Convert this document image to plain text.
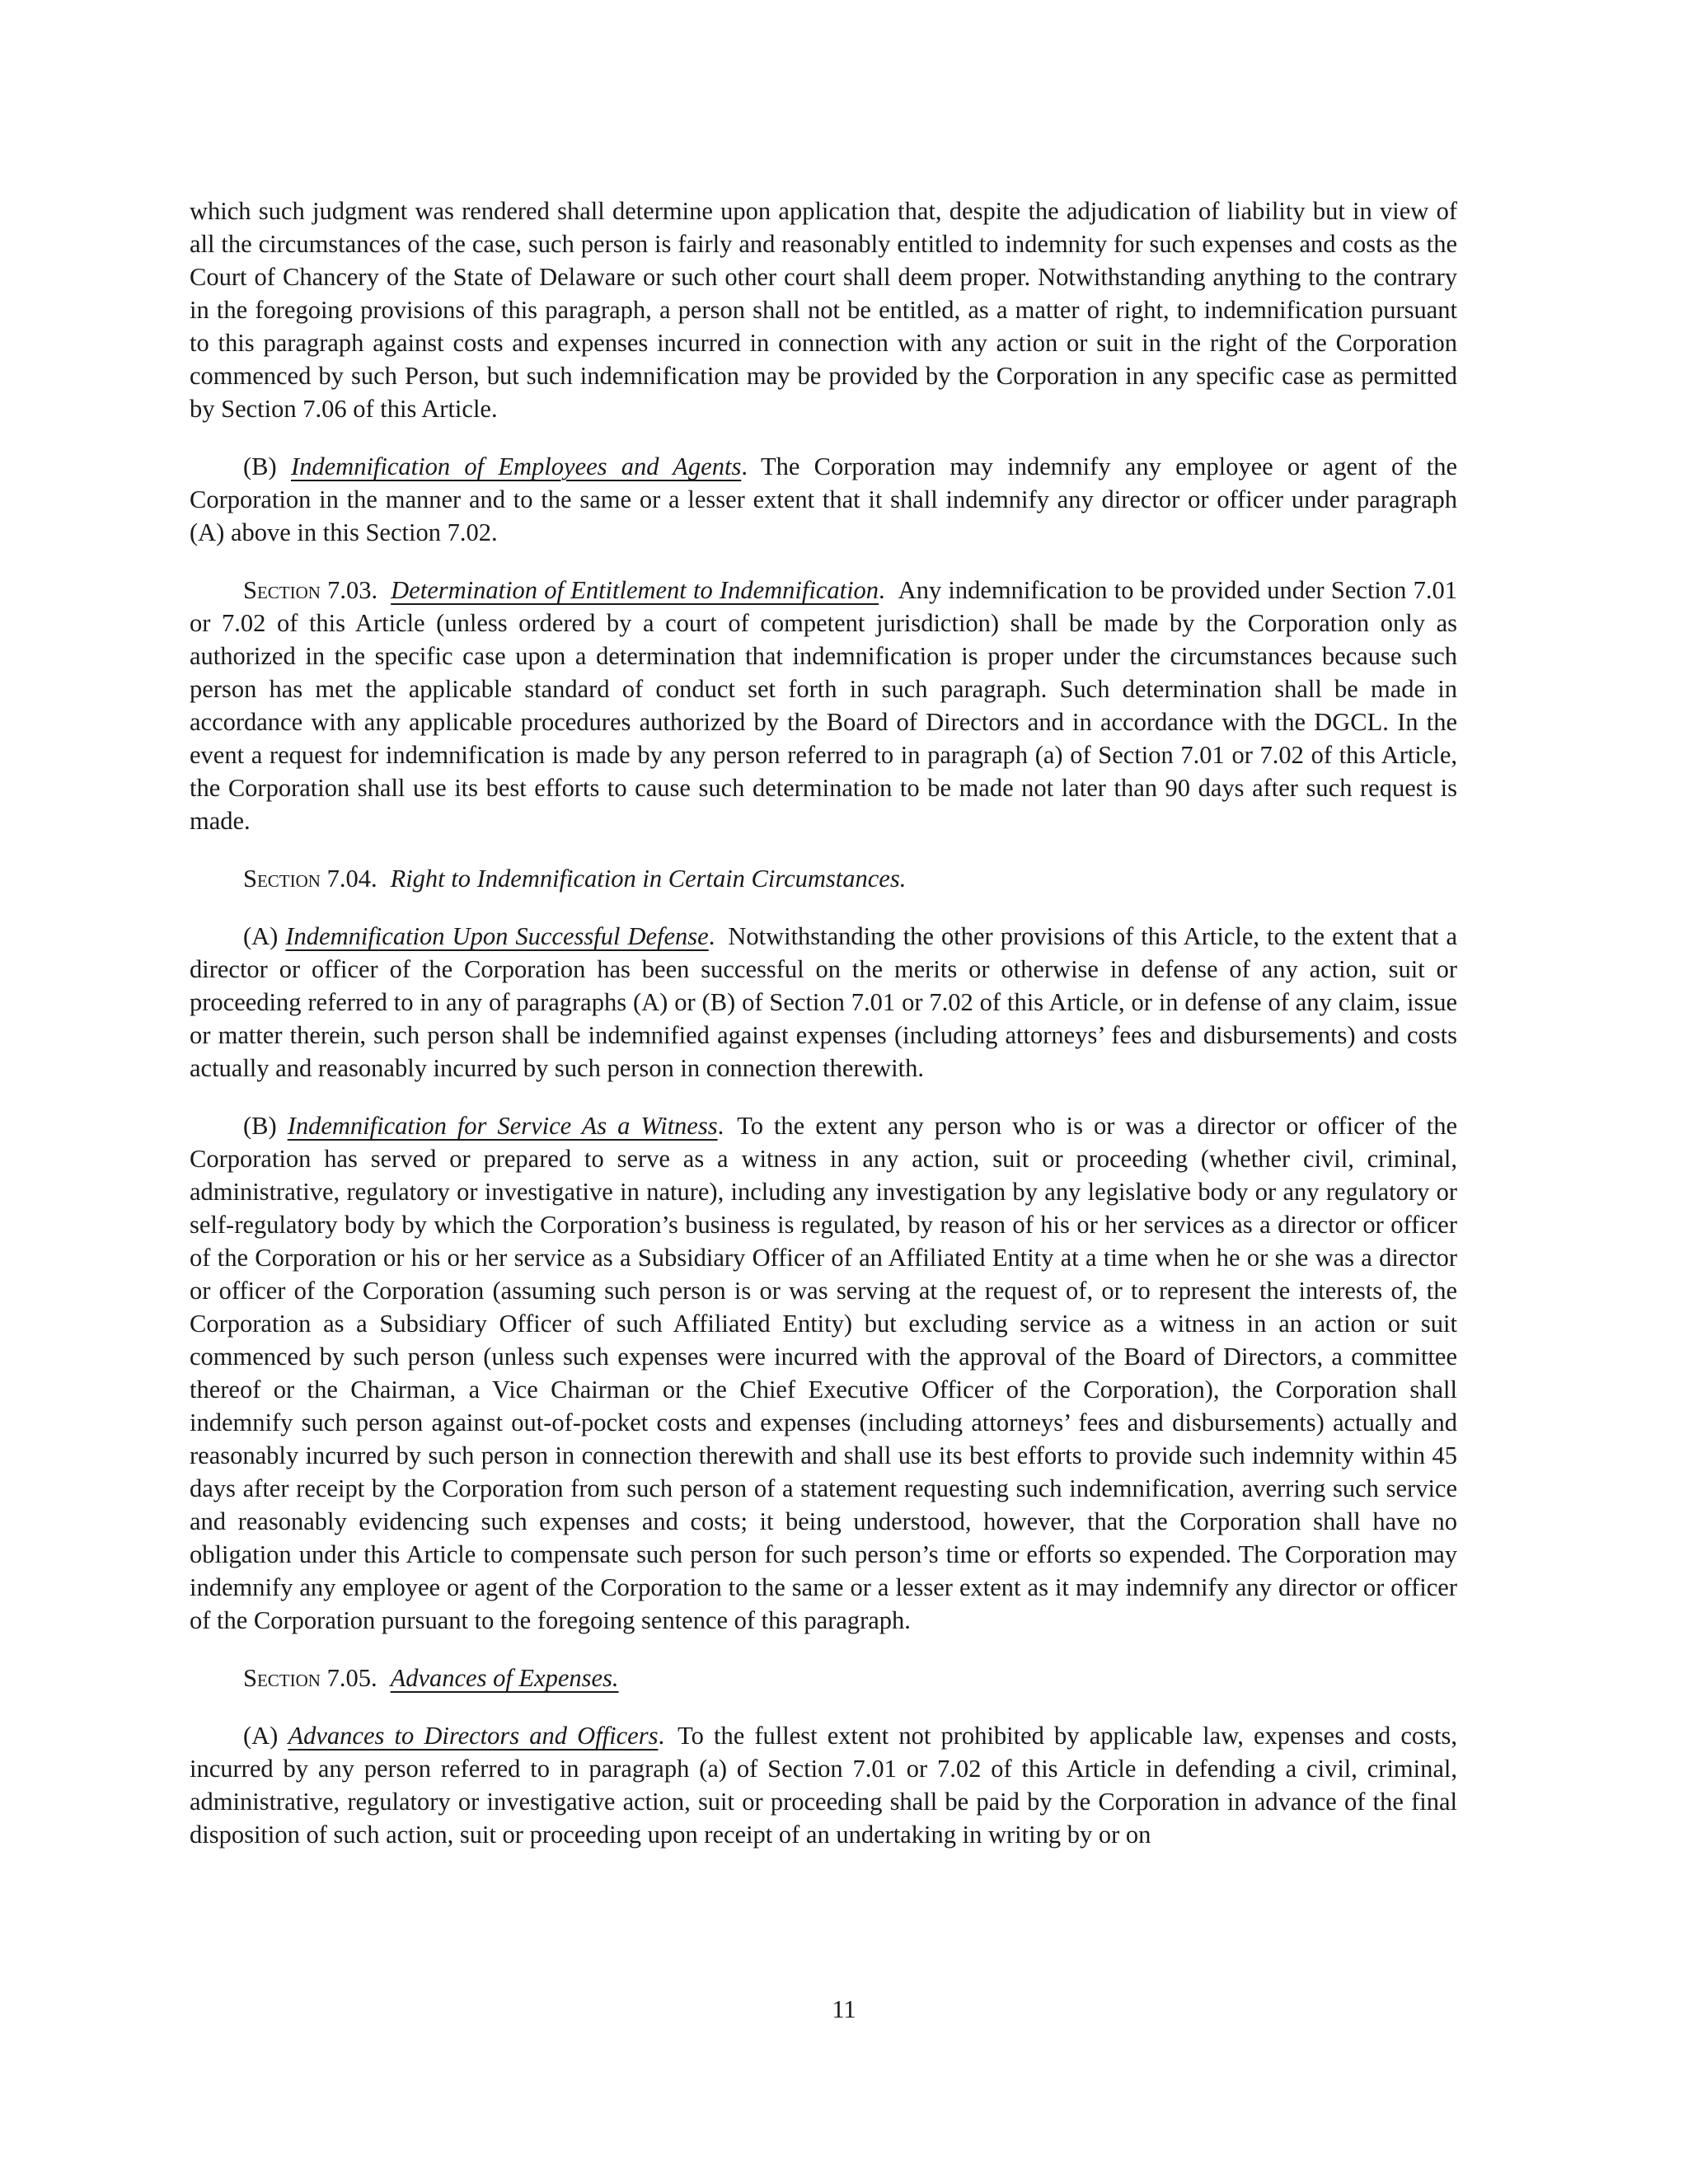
which such judgment was rendered shall determine upon application that, despite the adjudication of liability but in view of all the circumstances of the case, such person is fairly and reasonably entitled to indemnity for such expenses and costs as the Court of Chancery of the State of Delaware or such other court shall deem proper. Notwithstanding anything to the contrary in the foregoing provisions of this paragraph, a person shall not be entitled, as a matter of right, to indemnification pursuant to this paragraph against costs and expenses incurred in connection with any action or suit in the right of the Corporation commenced by such Person, but such indemnification may be provided by the Corporation in any specific case as permitted by Section 7.06 of this Article.

(B) Indemnification of Employees and Agents. The Corporation may indemnify any employee or agent of the Corporation in the manner and to the same or a lesser extent that it shall indemnify any director or officer under paragraph (A) above in this Section 7.02.

Section 7.03. Determination of Entitlement to Indemnification. Any indemnification to be provided under Section 7.01 or 7.02 of this Article (unless ordered by a court of competent jurisdiction) shall be made by the Corporation only as authorized in the specific case upon a determination that indemnification is proper under the circumstances because such person has met the applicable standard of conduct set forth in such paragraph. Such determination shall be made in accordance with any applicable procedures authorized by the Board of Directors and in accordance with the DGCL. In the event a request for indemnification is made by any person referred to in paragraph (a) of Section 7.01 or 7.02 of this Article, the Corporation shall use its best efforts to cause such determination to be made not later than 90 days after such request is made.

Section 7.04. Right to Indemnification in Certain Circumstances.

(A) Indemnification Upon Successful Defense. Notwithstanding the other provisions of this Article, to the extent that a director or officer of the Corporation has been successful on the merits or otherwise in defense of any action, suit or proceeding referred to in any of paragraphs (A) or (B) of Section 7.01 or 7.02 of this Article, or in defense of any claim, issue or matter therein, such person shall be indemnified against expenses (including attorneys’ fees and disbursements) and costs actually and reasonably incurred by such person in connection therewith.

(B) Indemnification for Service As a Witness. To the extent any person who is or was a director or officer of the Corporation has served or prepared to serve as a witness in any action, suit or proceeding (whether civil, criminal, administrative, regulatory or investigative in nature), including any investigation by any legislative body or any regulatory or self-regulatory body by which the Corporation’s business is regulated, by reason of his or her services as a director or officer of the Corporation or his or her service as a Subsidiary Officer of an Affiliated Entity at a time when he or she was a director or officer of the Corporation (assuming such person is or was serving at the request of, or to represent the interests of, the Corporation as a Subsidiary Officer of such Affiliated Entity) but excluding service as a witness in an action or suit commenced by such person (unless such expenses were incurred with the approval of the Board of Directors, a committee thereof or the Chairman, a Vice Chairman or the Chief Executive Officer of the Corporation), the Corporation shall indemnify such person against out-of-pocket costs and expenses (including attorneys’ fees and disbursements) actually and reasonably incurred by such person in connection therewith and shall use its best efforts to provide such indemnity within 45 days after receipt by the Corporation from such person of a statement requesting such indemnification, averring such service and reasonably evidencing such expenses and costs; it being understood, however, that the Corporation shall have no obligation under this Article to compensate such person for such person’s time or efforts so expended. The Corporation may indemnify any employee or agent of the Corporation to the same or a lesser extent as it may indemnify any director or officer of the Corporation pursuant to the foregoing sentence of this paragraph.

Section 7.05. Advances of Expenses.

(A) Advances to Directors and Officers. To the fullest extent not prohibited by applicable law, expenses and costs, incurred by any person referred to in paragraph (a) of Section 7.01 or 7.02 of this Article in defending a civil, criminal, administrative, regulatory or investigative action, suit or proceeding shall be paid by the Corporation in advance of the final disposition of such action, suit or proceeding upon receipt of an undertaking in writing by or on

11
